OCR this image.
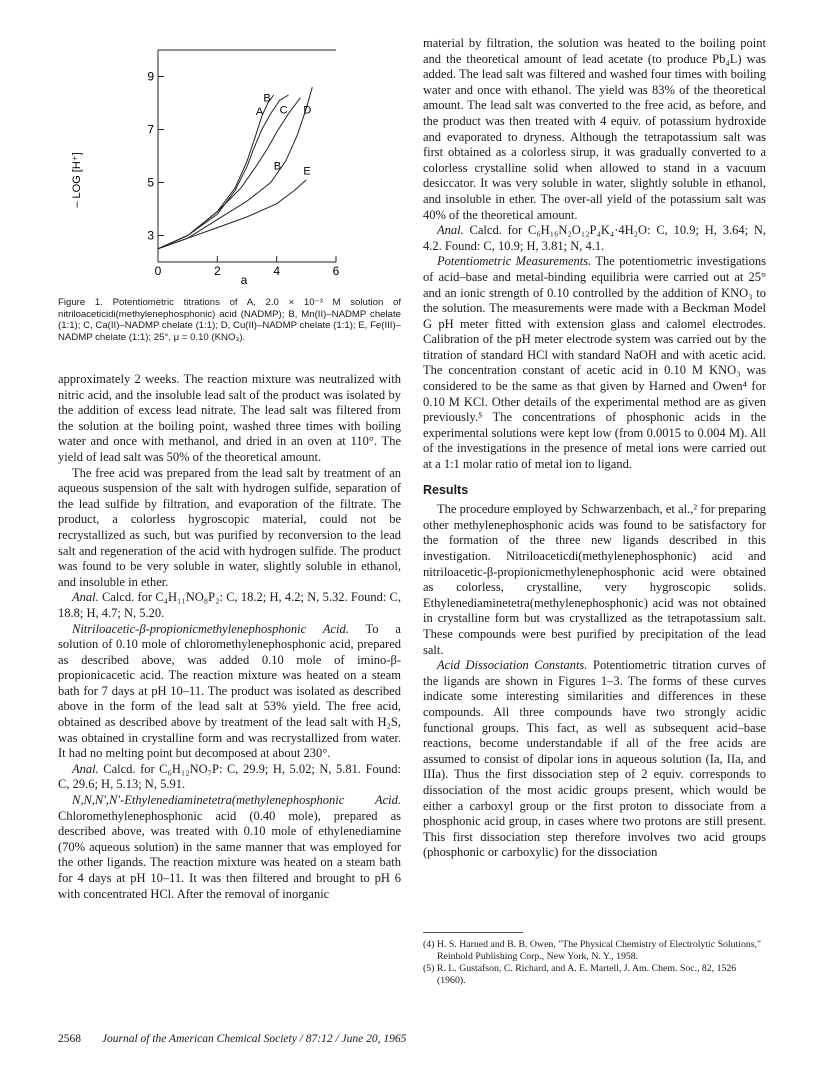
0	2	4	6
3
5
7
9
A
B
C D
B E
– LOG [H⁺]
a
Figure 1. Potentiometric titrations of A, 2.0 × 10⁻³ M solution of nitriloaceticidi(methylenephosphonic) acid (NADMP); B, Mn(II)–NADMP chelate (1:1); C, Ca(II)–NADMP chelate (1:1); D, Cu(II)–NADMP chelate (1:1); E, Fe(III)–NADMP chelate (1:1); 25°, μ = 0.10 (KNO₃).

approximately 2 weeks. The reaction mixture was neutralized with nitric acid, and the insoluble lead salt of the product was isolated by the addition of excess lead nitrate. The lead salt was filtered from the solution at the boiling point, washed three times with boiling water and once with methanol, and dried in an oven at 110°. The yield of lead salt was 50% of the theoretical amount.

The free acid was prepared from the lead salt by treatment of an aqueous suspension of the salt with hydrogen sulfide, separation of the lead sulfide by filtration, and evaporation of the filtrate. The product, a colorless hygroscopic material, could not be recrystallized as such, but was purified by reconversion to the lead salt and regeneration of the acid with hydrogen sulfide. The product was found to be very soluble in water, slightly soluble in ethanol, and insoluble in ether.

Anal. Calcd. for C₄H₁₁NO₈P₂: C, 18.2; H, 4.2; N, 5.32. Found: C, 18.8; H, 4.7; N, 5.20.

Nitriloacetic-β-propionicmethylenephosphonic Acid. To a solution of 0.10 mole of chloromethylenephosphonic acid, prepared as described above, was added 0.10 mole of imino-β-propionicacetic acid. The reaction mixture was heated on a steam bath for 7 days at pH 10–11. The product was isolated as described above in the form of the lead salt at 53% yield. The free acid, obtained as described above by treatment of the lead salt with H₂S, was obtained in crystalline form and was recrystallized from water. It had no melting point but decomposed at about 230°.

Anal. Calcd. for C₆H₁₂NO₇P: C, 29.9; H, 5.02; N, 5.81. Found: C, 29.6; H, 5.13; N, 5.91.

N,N,N',N'-Ethylenediaminetetra(methylenephosphonic Acid. Chloromethylenephosphonic acid (0.40 mole), prepared as described above, was treated with 0.10 mole of ethylenediamine (70% aqueous solution) in the same manner that was employed for the other ligands. The reaction mixture was heated on a steam bath for 4 days at pH 10–11. It was then filtered and brought to pH 6 with concentrated HCl. After the removal of inorganic

material by filtration, the solution was heated to the boiling point and the theoretical amount of lead acetate (to produce Pb₄L) was added. The lead salt was filtered and washed four times with boiling water and once with ethanol. The yield was 83% of the theoretical amount. The lead salt was converted to the free acid, as before, and the product was then treated with 4 equiv. of potassium hydroxide and evaporated to dryness. Although the tetrapotassium salt was first obtained as a colorless sirup, it was gradually converted to a colorless crystalline solid when allowed to stand in a vacuum desiccator. It was very soluble in water, slightly soluble in ethanol, and insoluble in ether. The over-all yield of the potassium salt was 40% of the theoretical amount.

Anal. Calcd. for C₆H₁₆N₂O₁₂P₄K₄·4H₂O: C, 10.9; H, 3.64; N, 4.2. Found: C, 10.9; H, 3.81; N, 4.1.

Potentiometric Measurements. The potentiometric investigations of acid–base and metal-binding equilibria were carried out at 25° and an ionic strength of 0.10 controlled by the addition of KNO₃ to the solution. The measurements were made with a Beckman Model G pH meter fitted with extension glass and calomel electrodes. Calibration of the pH meter electrode system was carried out by the titration of standard HCl with standard NaOH and with acetic acid. The concentration constant of acetic acid in 0.10 M KNO₃ was considered to be the same as that given by Harned and Owen⁴ for 0.10 M KCl. Other details of the experimental method are as given previously.⁵ The concentrations of phosphonic acids in the experimental solutions were kept low (from 0.0015 to 0.004 M). All of the investigations in the presence of metal ions were carried out at a 1:1 molar ratio of metal ion to ligand.

Results

The procedure employed by Schwarzenbach, et al.,² for preparing other methylenephosphonic acids was found to be satisfactory for the formation of the three new ligands described in this investigation. Nitriloaceticdi(methylenephosphonic) acid and nitriloacetic-β-propionicmethylenephosphonic acid were obtained as colorless, crystalline, very hygroscopic solids. Ethylenediaminetetra(methylenephosphonic) acid was not obtained in crystalline form but was crystallized as the tetrapotassium salt. These compounds were best purified by precipitation of the lead salt.

Acid Dissociation Constants. Potentiometric titration curves of the ligands are shown in Figures 1–3. The forms of these curves indicate some interesting similarities and differences in these compounds. All three compounds have two strongly acidic functional groups. This fact, as well as subsequent acid–base reactions, become understandable if all of the free acids are assumed to consist of dipolar ions in aqueous solution (Ia, IIa, and IIIa). Thus the first dissociation step of 2 equiv. corresponds to dissociation of the most acidic groups present, which would be either a carboxyl group or the first proton to dissociate from a phosphonic acid group, in cases where two protons are still present. This first dissociation step therefore involves two acid groups (phosphonic or carboxylic) for the dissociation

(4) H. S. Harned and B. B. Owen, "The Physical Chemistry of Electrolytic Solutions," Reinhold Publishing Corp., New York, N. Y., 1958.

(5) R. L. Gustafson, C. Richard, and A. E. Martell, J. Am. Chem. Soc., 82, 1526 (1960).

2568 Journal of the American Chemical Society / 87:12 / June 20, 1965
